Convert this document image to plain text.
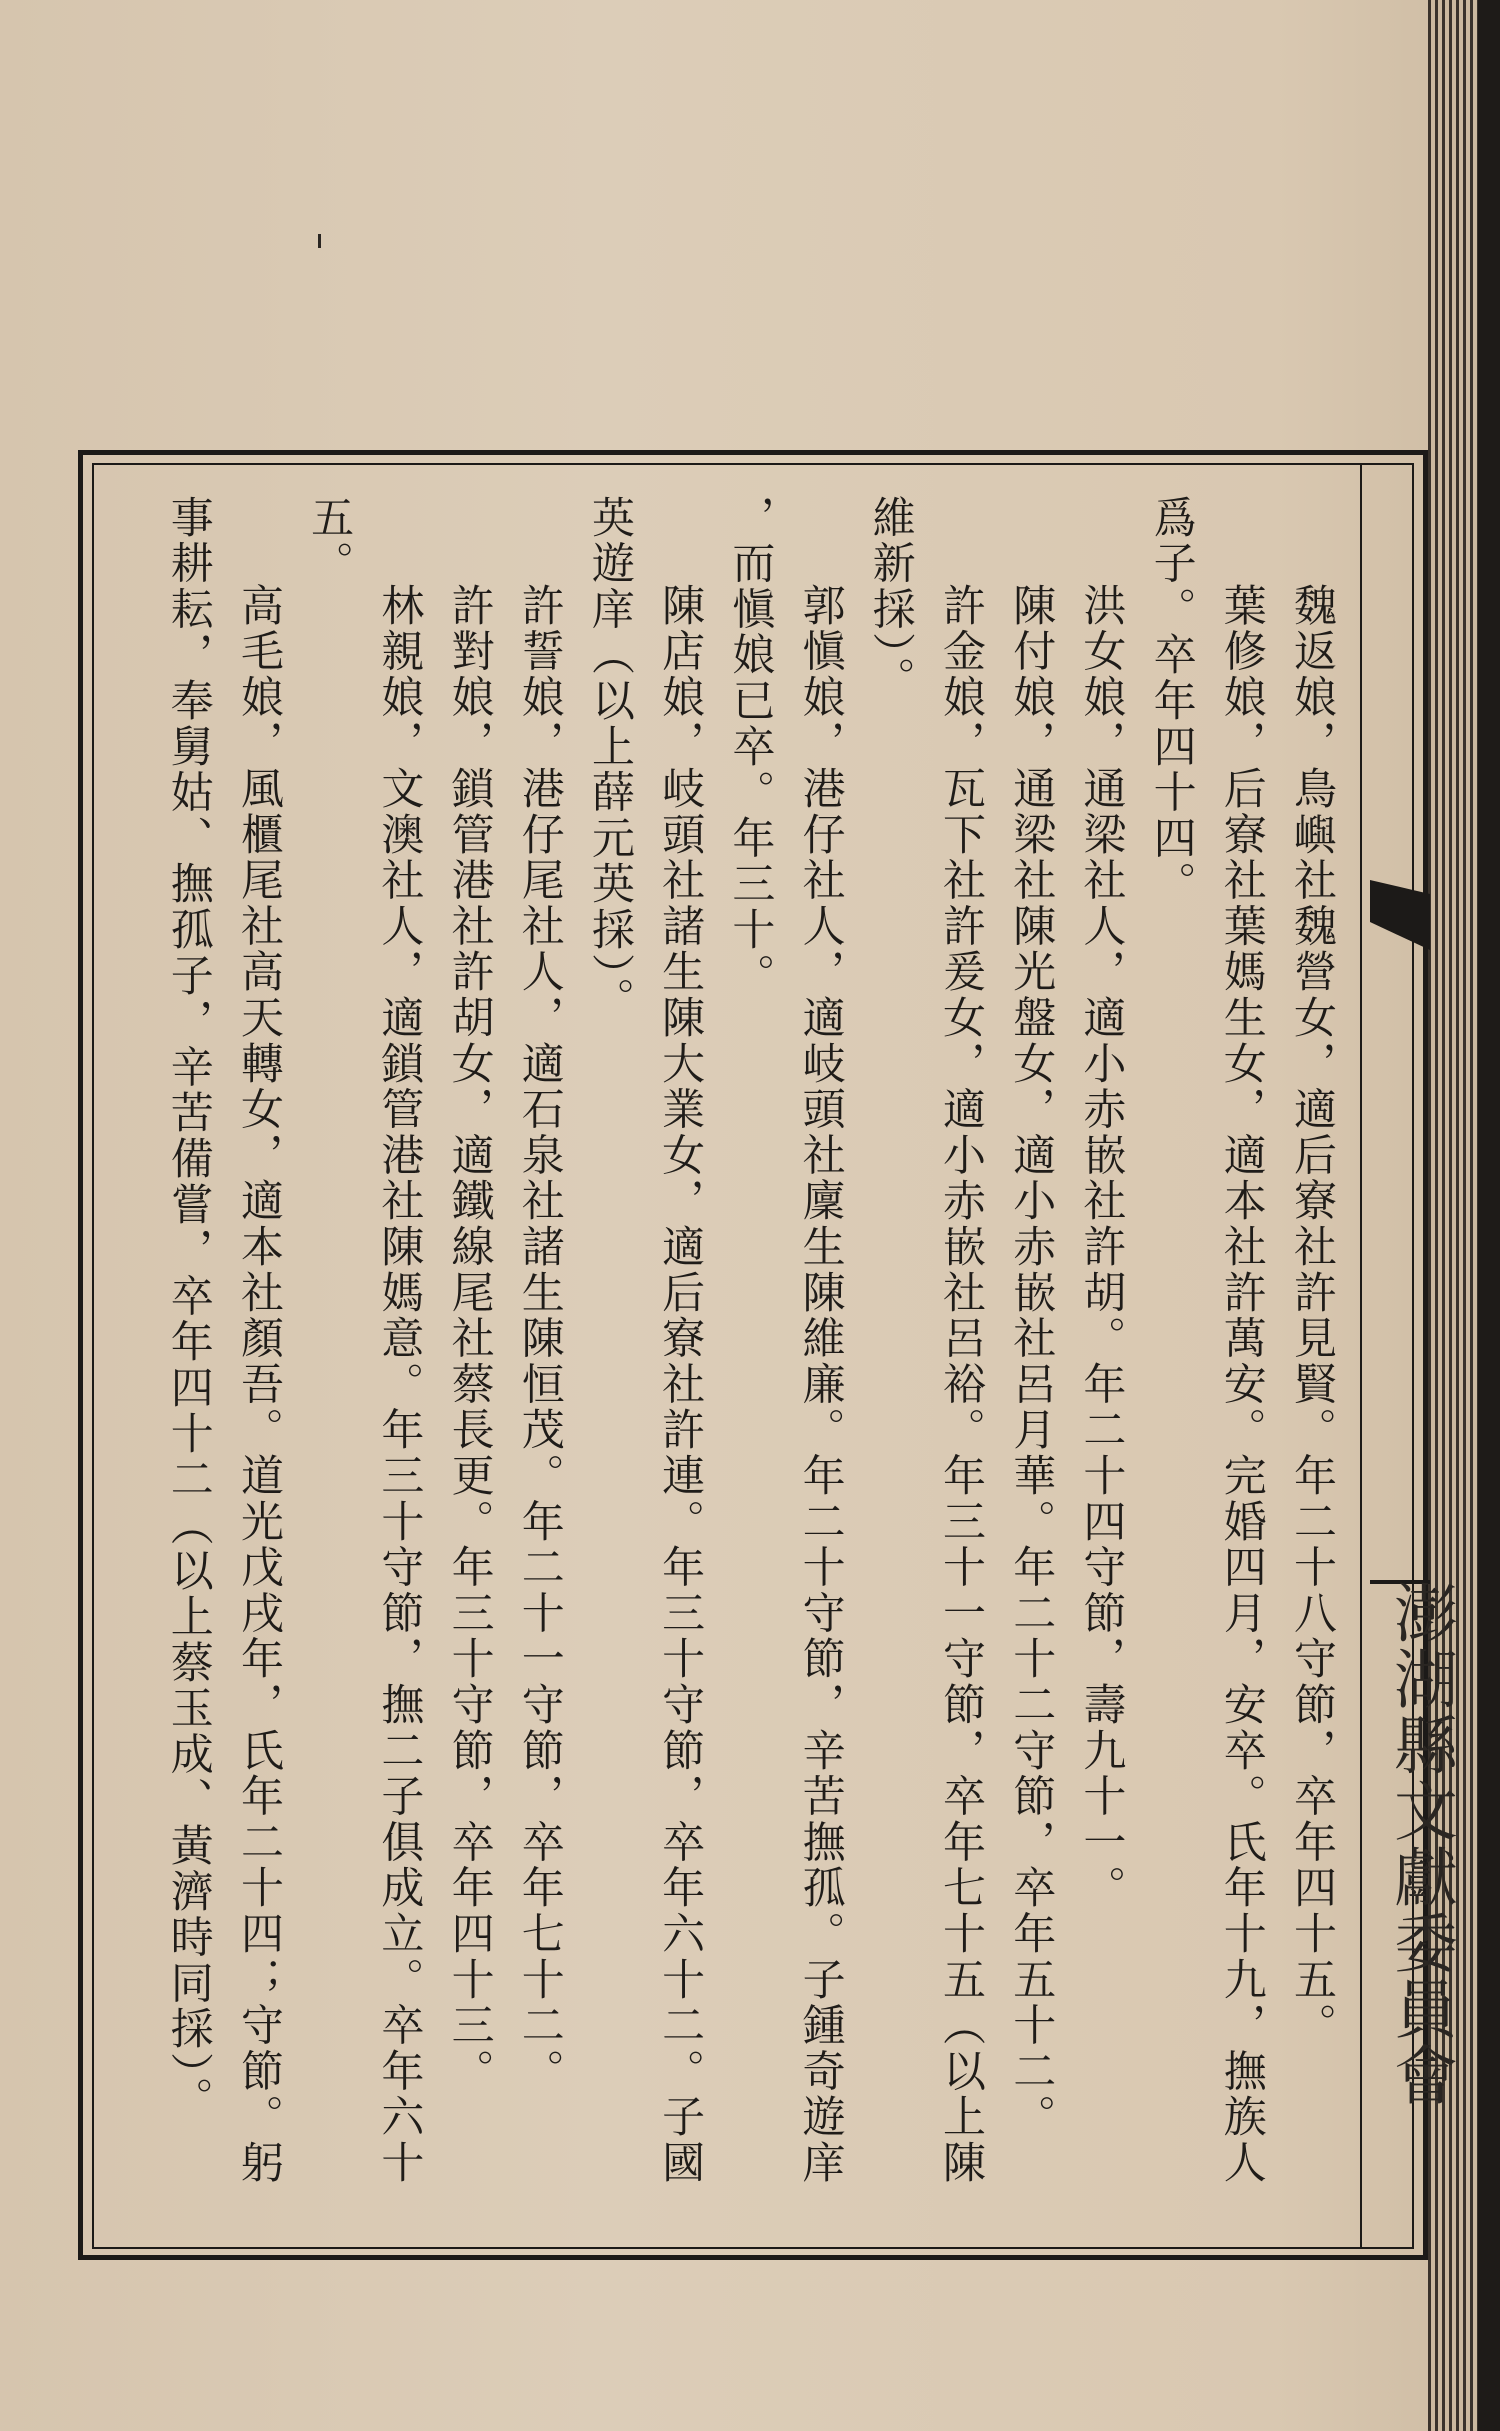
澎湖縣文獻委員會
魏返娘，鳥嶼社魏營女，適后寮社許見賢。年二十八守節，卒年四十五。
葉修娘，后寮社葉媽生女，適本社許萬安。完婚四月，安卒。氏年十九，撫族人
爲子。卒年四十四。
洪女娘，通梁社人，適小赤嵌社許胡。年二十四守節，壽九十一。
陳付娘，通梁社陳光盤女，適小赤嵌社呂月華。年二十二守節，卒年五十二。
許金娘，瓦下社許爰女，適小赤嵌社呂裕。年三十一守節，卒年七十五（以上陳
維新採）。
郭愼娘，港仔社人，適岐頭社廩生陳維廉。年二十守節，辛苦撫孤。子鍾奇遊庠
，而愼娘已卒。年三十。
陳店娘，岐頭社諸生陳大業女，適后寮社許連。年三十守節，卒年六十二。子國
英遊庠（以上薛元英採）。
許誓娘，港仔尾社人，適石泉社諸生陳恒茂。年二十一守節，卒年七十二。
許對娘，鎖管港社許胡女，適鐵線尾社蔡長更。年三十守節，卒年四十三。
林親娘，文澳社人，適鎖管港社陳媽意。年三十守節，撫二子俱成立。卒年六十
五。
高毛娘，風櫃尾社高天轉女，適本社顏吾。道光戊戌年，氏年二十四；守節。躬
事耕耘，奉舅姑、撫孤子，辛苦備嘗，卒年四十二（以上蔡玉成、黃濟時同採）。
